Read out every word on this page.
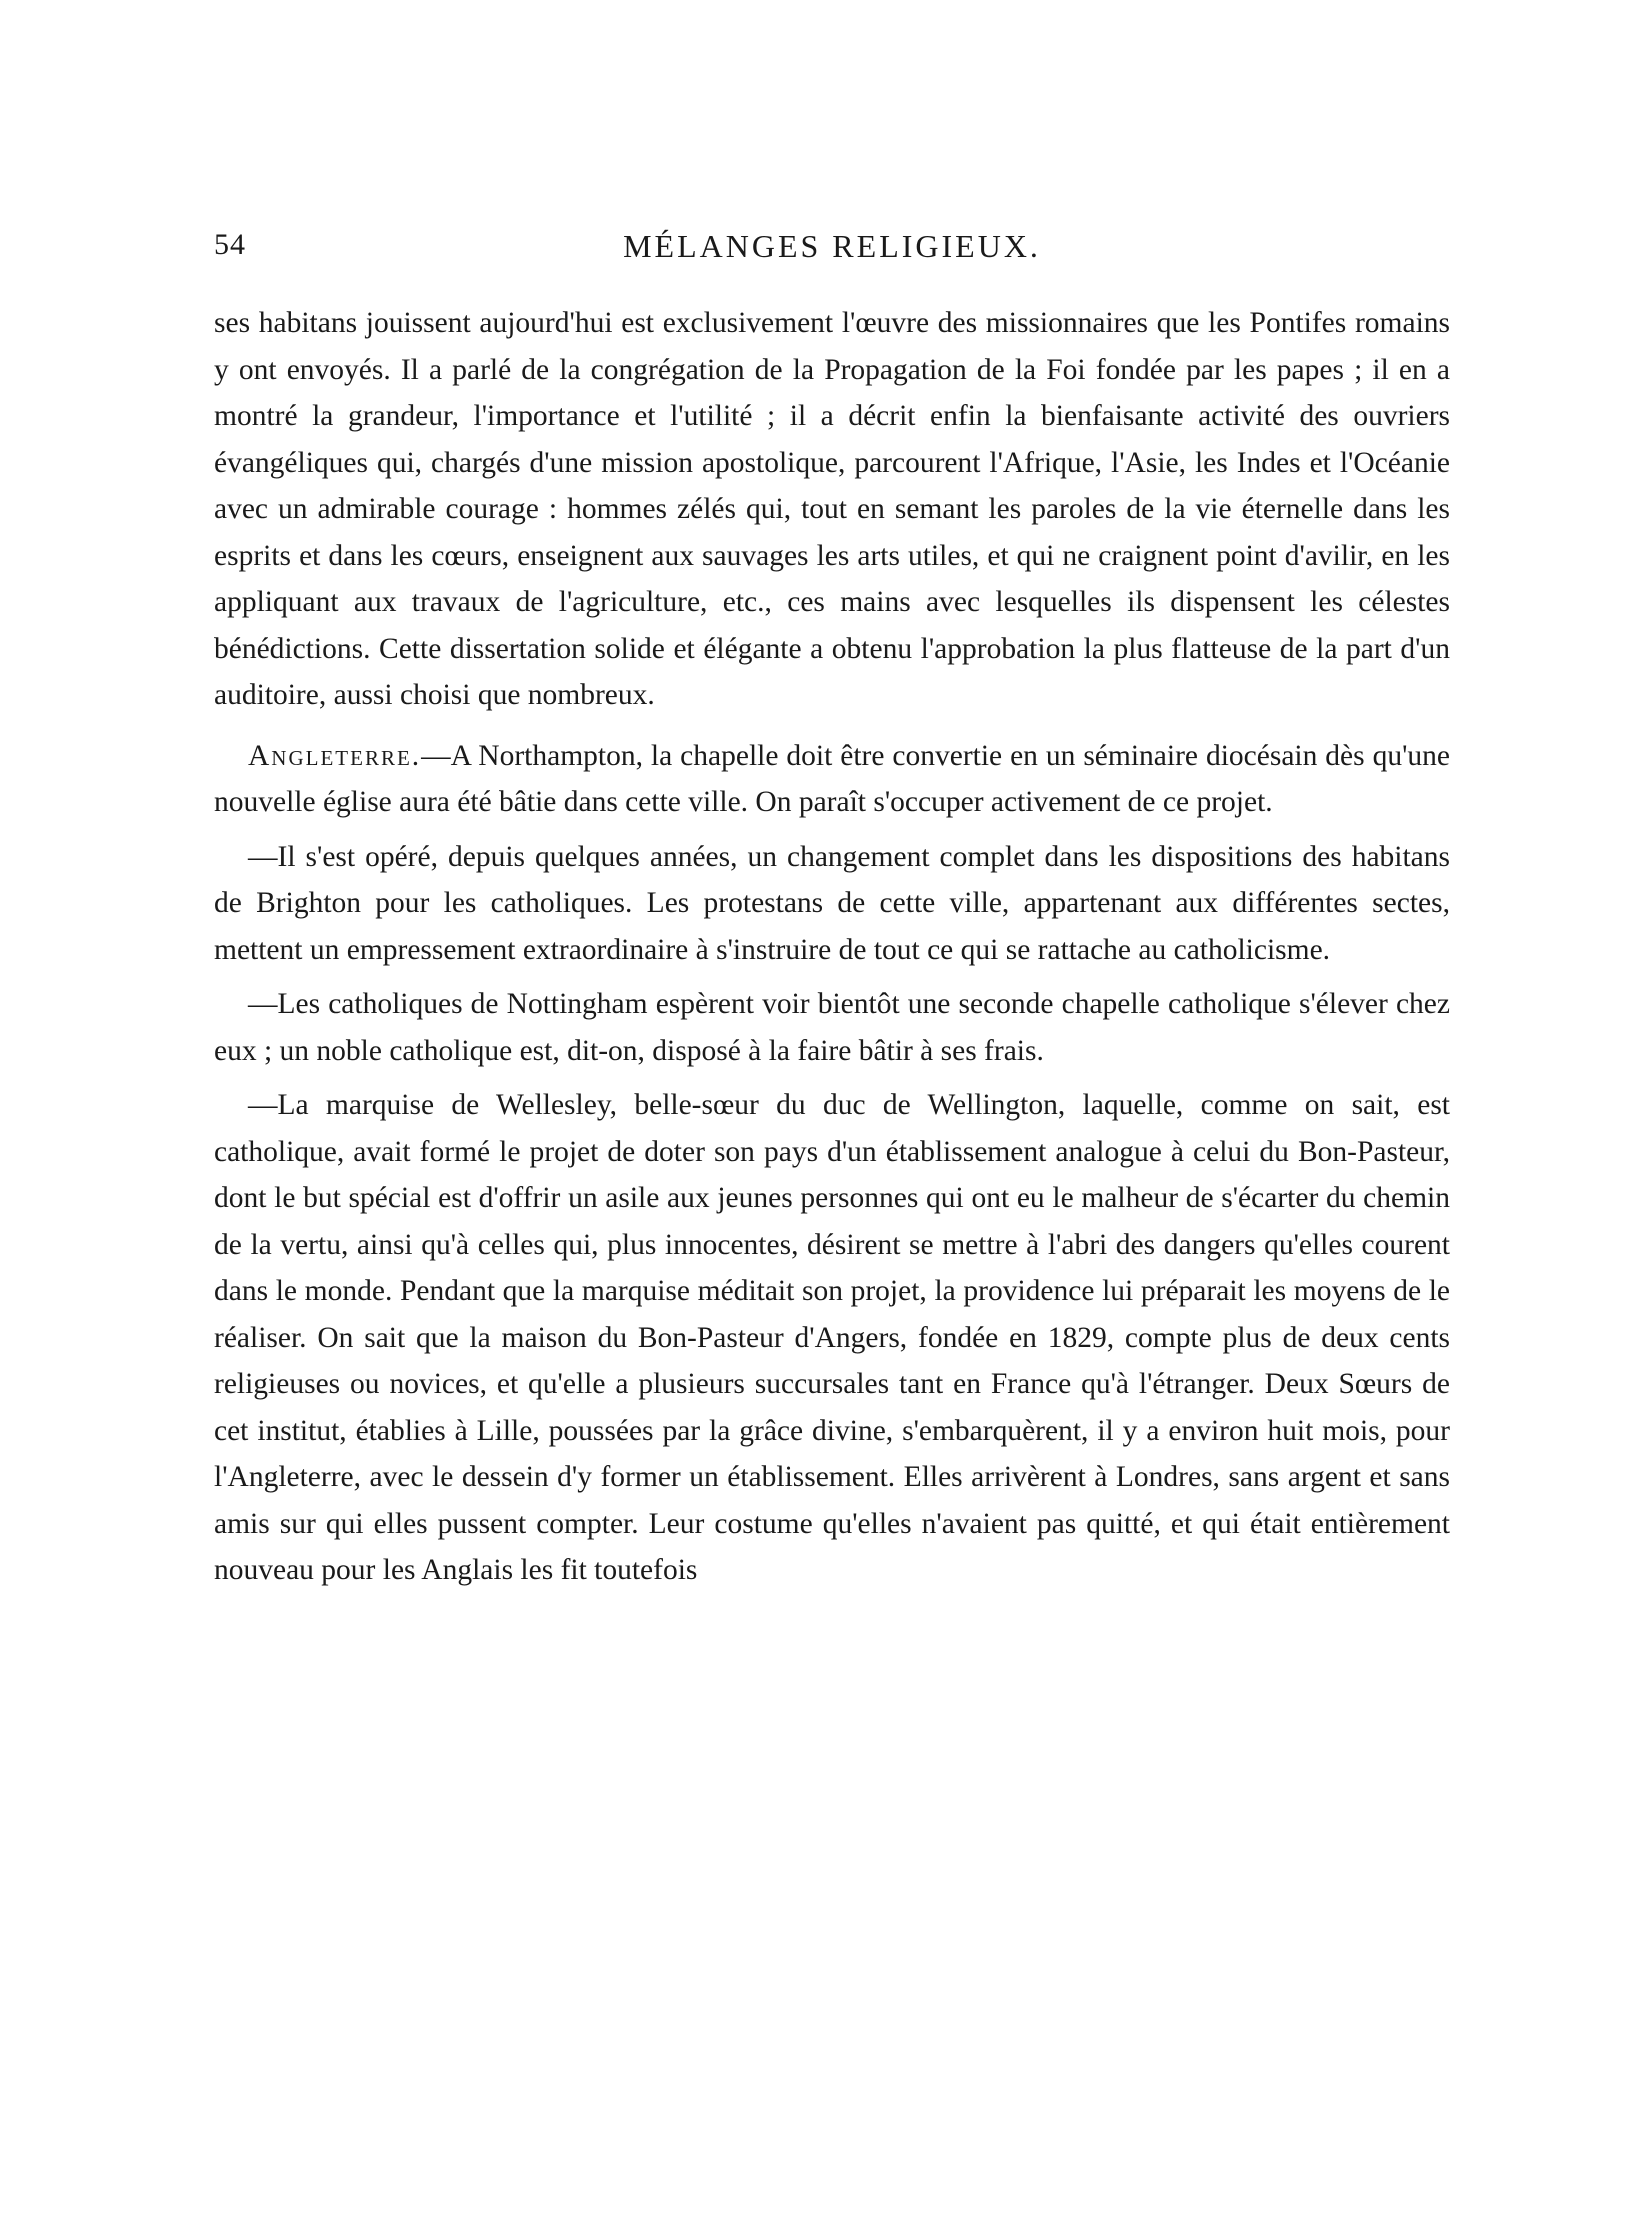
54	MÉLANGES RELIGIEUX.

ses habitans jouissent aujourd'hui est exclusivement l'œuvre des missionnaires que les Pontifes romains y ont envoyés. Il a parlé de la congrégation de la Propagation de la Foi fondée par les papes ; il en a montré la grandeur, l'importance et l'utilité ; il a décrit enfin la bienfaisante activité des ouvriers évangéliques qui, chargés d'une mission apostolique, parcourent l'Afrique, l'Asie, les Indes et l'Océanie avec un admirable courage : hommes zélés qui, tout en semant les paroles de la vie éternelle dans les esprits et dans les cœurs, enseignent aux sauvages les arts utiles, et qui ne craignent point d'avilir, en les appliquant aux travaux de l'agriculture, etc., ces mains avec lesquelles ils dispensent les célestes bénédictions. Cette dissertation solide et élégante a obtenu l'approbation la plus flatteuse de la part d'un auditoire, aussi choisi que nombreux.

Angleterre.—A Northampton, la chapelle doit être convertie en un séminaire diocésain dès qu'une nouvelle église aura été bâtie dans cette ville. On paraît s'occuper activement de ce projet.

—Il s'est opéré, depuis quelques années, un changement complet dans les dispositions des habitans de Brighton pour les catholiques. Les protestans de cette ville, appartenant aux différentes sectes, mettent un empressement extraordinaire à s'instruire de tout ce qui se rattache au catholicisme.

—Les catholiques de Nottingham espèrent voir bientôt une seconde chapelle catholique s'élever chez eux ; un noble catholique est, dit-on, disposé à la faire bâtir à ses frais.

—La marquise de Wellesley, belle-sœur du duc de Wellington, laquelle, comme on sait, est catholique, avait formé le projet de doter son pays d'un établissement analogue à celui du Bon-Pasteur, dont le but spécial est d'offrir un asile aux jeunes personnes qui ont eu le malheur de s'écarter du chemin de la vertu, ainsi qu'à celles qui, plus innocentes, désirent se mettre à l'abri des dangers qu'elles courent dans le monde. Pendant que la marquise méditait son projet, la providence lui préparait les moyens de le réaliser. On sait que la maison du Bon-Pasteur d'Angers, fondée en 1829, compte plus de deux cents religieuses ou novices, et qu'elle a plusieurs succursales tant en France qu'à l'étranger. Deux Sœurs de cet institut, établies à Lille, poussées par la grâce divine, s'embarquèrent, il y a environ huit mois, pour l'Angleterre, avec le dessein d'y former un établissement. Elles arrivèrent à Londres, sans argent et sans amis sur qui elles pussent compter. Leur costume qu'elles n'avaient pas quitté, et qui était entièrement nouveau pour les Anglais les fit toutefois
